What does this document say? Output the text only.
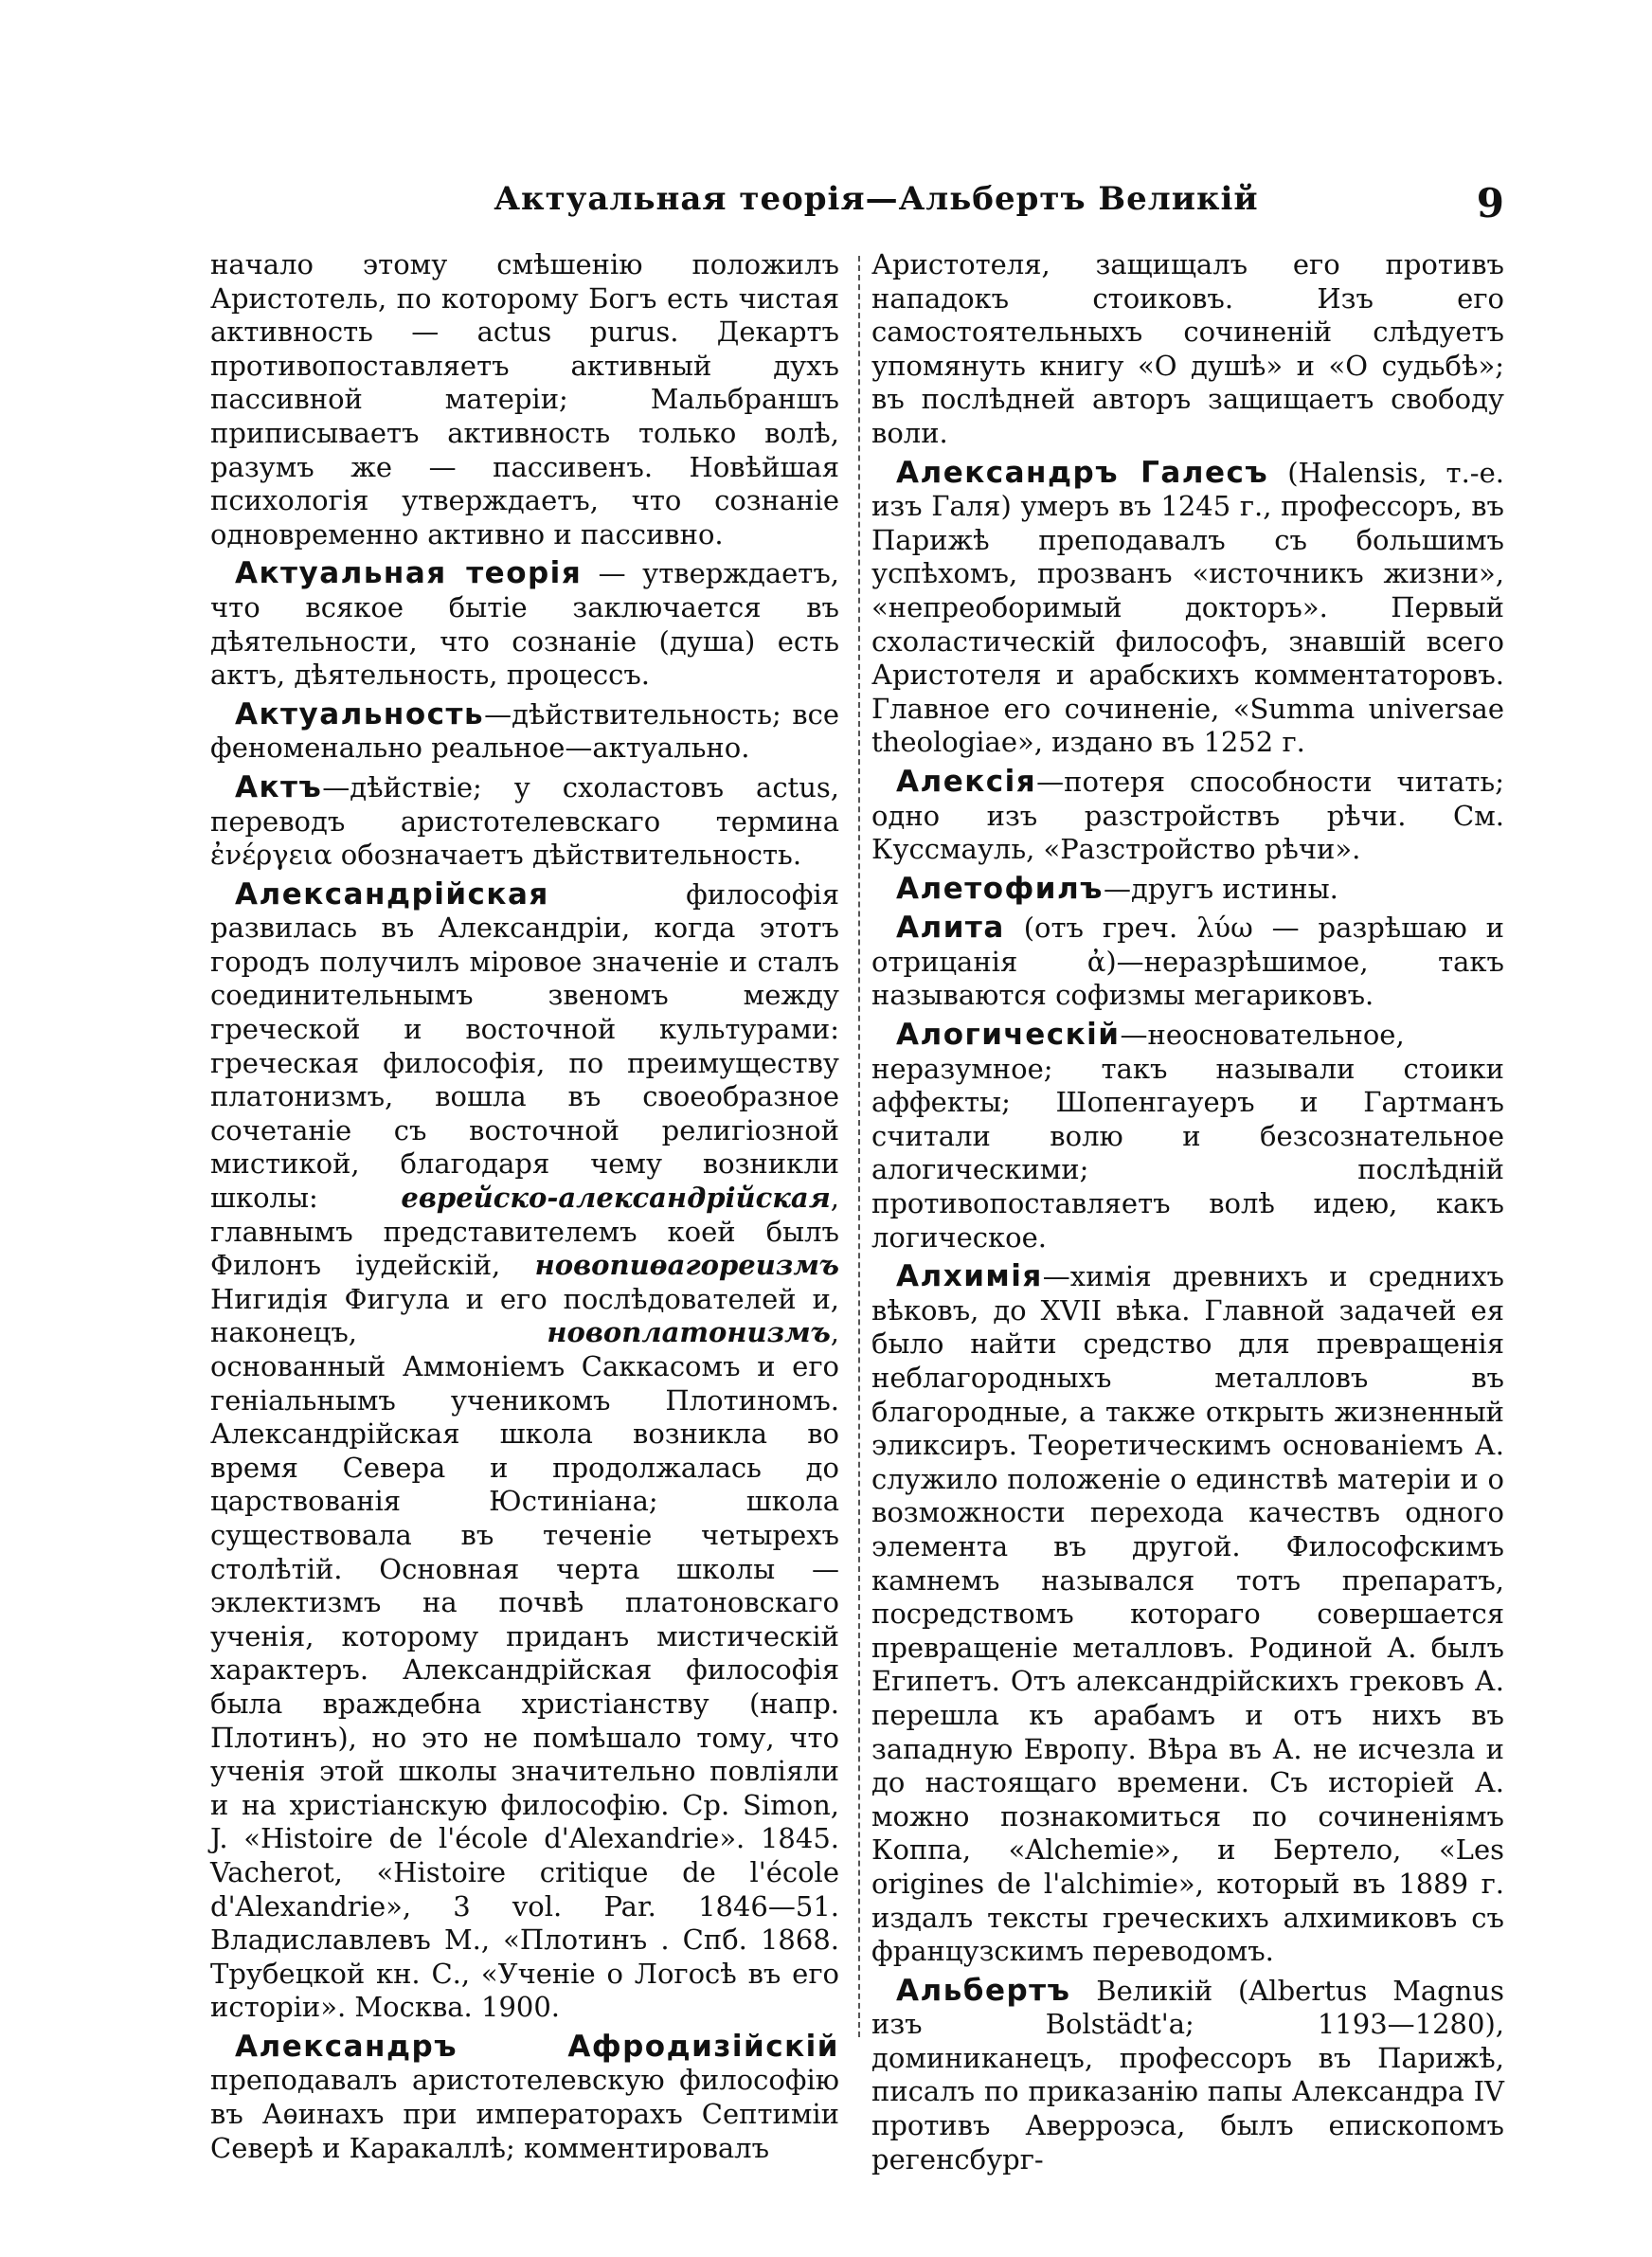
Актуальная теорія—Альбертъ Великій	9

начало этому смѣшенію положилъ Аристотель, по которому Богъ есть чистая активность — actus purus. Декартъ противопоставляетъ активный духъ пассивной матеріи; Мальбраншъ приписываетъ активность только волѣ, разумъ же — пассивенъ. Новѣйшая психологія утверждаетъ, что сознаніе одновременно активно и пассивно.

Актуальная теорія — утверждаетъ, что всякое бытіе заключается въ дѣятельности, что сознаніе (душа) есть актъ, дѣятельность, процессъ.

Актуальность—дѣйствительность; все феноменально реальное—актуально.

Актъ—дѣйствіе; у схоластовъ actus, переводъ аристотелевскаго термина ἐνέργεια обозначаетъ дѣйствительность.

Александрійская философія развилась въ Александріи, когда этотъ городъ получилъ міровое значеніе и сталъ соединительнымъ звеномъ между греческой и восточной культурами: греческая философія, по преимуществу платонизмъ, вошла въ своеобразное сочетаніе съ восточной религіозной мистикой, благодаря чему возникли школы: еврейско-александрійская, главнымъ представителемъ коей былъ Филонъ іудейскій, новопиѳагореизмъ Нигидія Фигула и его послѣдователей и, наконецъ, новоплатонизмъ, основанный Аммоніемъ Саккасомъ и его геніальнымъ ученикомъ Плотиномъ. Александрійская школа возникла во время Севера и продолжалась до царствованія Юстиніана; школа существовала въ теченіе четырехъ столѣтій. Основная черта школы — эклектизмъ на почвѣ платоновскаго ученія, которому приданъ мистическій характеръ. Александрійская философія была враждебна христіанству (напр. Плотинъ), но это не помѣшало тому, что ученія этой школы значительно повліяли и на христіанскую философію. Ср. Simon, J. «Histoire de l'école d'Alexandrie». 1845. Vacherot, «Histoire critique de l'école d'Alexandrie», 3 vol. Par. 1846—51. Владиславлевъ М., «Плотинъ . Спб. 1868. Трубецкой кн. С., «Ученіе о Логосѣ въ его исторіи». Москва. 1900.

Александръ Афродизійскій преподавалъ аристотелевскую философію въ Аѳинахъ при императорахъ Септиміи Северѣ и Каракаллѣ; комментировалъ

Аристотеля, защищалъ его противъ нападокъ стоиковъ. Изъ его самостоятельныхъ сочиненій слѣдуетъ упомянуть книгу «О душѣ» и «О судьбѣ»; въ послѣдней авторъ защищаетъ свободу воли.

Александръ Галесъ (Halensis, т.-е. изъ Галя) умеръ въ 1245 г., профессоръ, въ Парижѣ преподавалъ съ большимъ успѣхомъ, прозванъ «источникъ жизни», «непреоборимый докторъ». Первый схоластическій философъ, знавшій всего Аристотеля и арабскихъ комментаторовъ. Главное его сочиненіе, «Summa universae theologiae», издано въ 1252 г.

Алексія—потеря способности читать; одно изъ разстройствъ рѣчи. См. Куссмауль, «Разстройство рѣчи».

Алетофилъ—другъ истины.

Алита (отъ греч. λύω — разрѣшаю и отрицанія ἀ)—неразрѣшимое, такъ называются софизмы мегариковъ.

Алогическій—неосновательное, неразумное; такъ называли стоики аффекты; Шопенгауеръ и Гартманъ считали волю и безсознательное алогическими; послѣдній противопоставляетъ волѣ идею, какъ логическое.

Алхимія—химія древнихъ и среднихъ вѣковъ, до XVII вѣка. Главной задачей ея было найти средство для превращенія неблагородныхъ металловъ въ благородные, а также открыть жизненный эликсиръ. Теоретическимъ основаніемъ А. служило положеніе о единствѣ матеріи и о возможности перехода качествъ одного элемента въ другой. Философскимъ камнемъ назывался тотъ препаратъ, посредствомъ котораго совершается превращеніе металловъ. Родиной А. былъ Египетъ. Отъ александрійскихъ грековъ А. перешла къ арабамъ и отъ нихъ въ западную Европу. Вѣра въ А. не исчезла и до настоящаго времени. Съ исторіей А. можно познакомиться по сочиненіямъ Коппа, «Alchemie», и Бертело, «Les origines de l'alchimie», который въ 1889 г. издалъ тексты греческихъ алхимиковъ съ французскимъ переводомъ.

Альбертъ Великій (Albertus Magnus изъ Bolstädt'a; 1193—1280), доминиканецъ, профессоръ въ Парижѣ, писалъ по приказанію папы Александра IV противъ Аверроэса, былъ епископомъ регенсбург-
